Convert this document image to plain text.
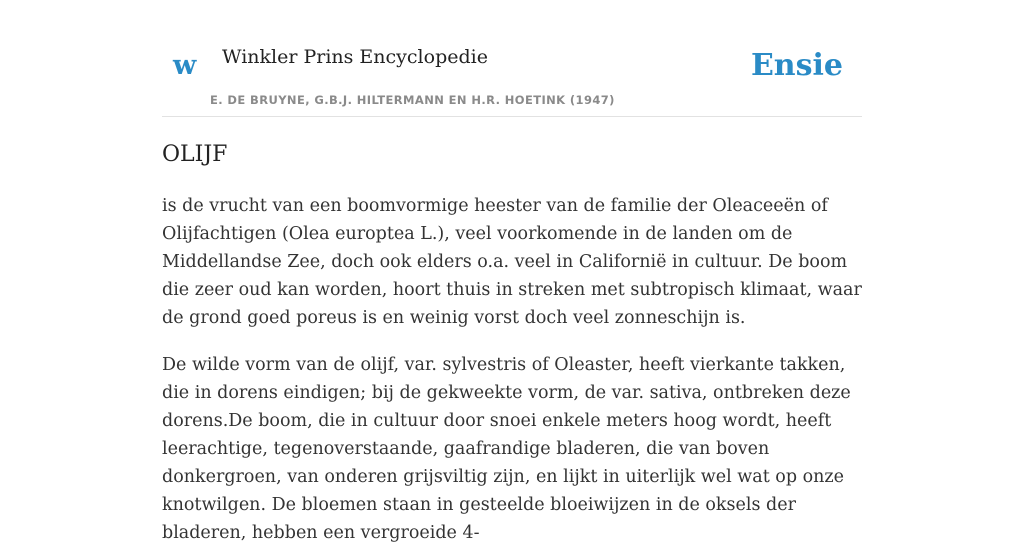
w Winkler Prins Encyclopedie
E. DE BRUYNE, G.B.J. HILTERMANN EN H.R. HOETINK (1947)
Ensie
OLIJF

is de vrucht van een boomvormige heester van de familie der Oleaceeën of Olijfachtigen (Olea europtea L.), veel voorkomende in de landen om de Middellandse Zee, doch ook elders o.a. veel in Californië in cultuur. De boom die zeer oud kan worden, hoort thuis in streken met subtropisch klimaat, waar de grond goed poreus is en weinig vorst doch veel zonneschijn is.

De wilde vorm van de olijf, var. sylvestris of Oleaster, heeft vierkante takken, die in dorens eindigen; bij de gekweekte vorm, de var. sativa, ontbreken deze dorens.De boom, die in cultuur door snoei enkele meters hoog wordt, heeft leerachtige, tegenoverstaande, gaafrandige bladeren, die van boven donkergroen, van onderen grijsviltig zijn, en lijkt in uiterlijk wel wat op onze knotwilgen. De bloemen staan in gesteelde bloeiwijzen in de oksels der bladeren, hebben een vergroeide 4-
